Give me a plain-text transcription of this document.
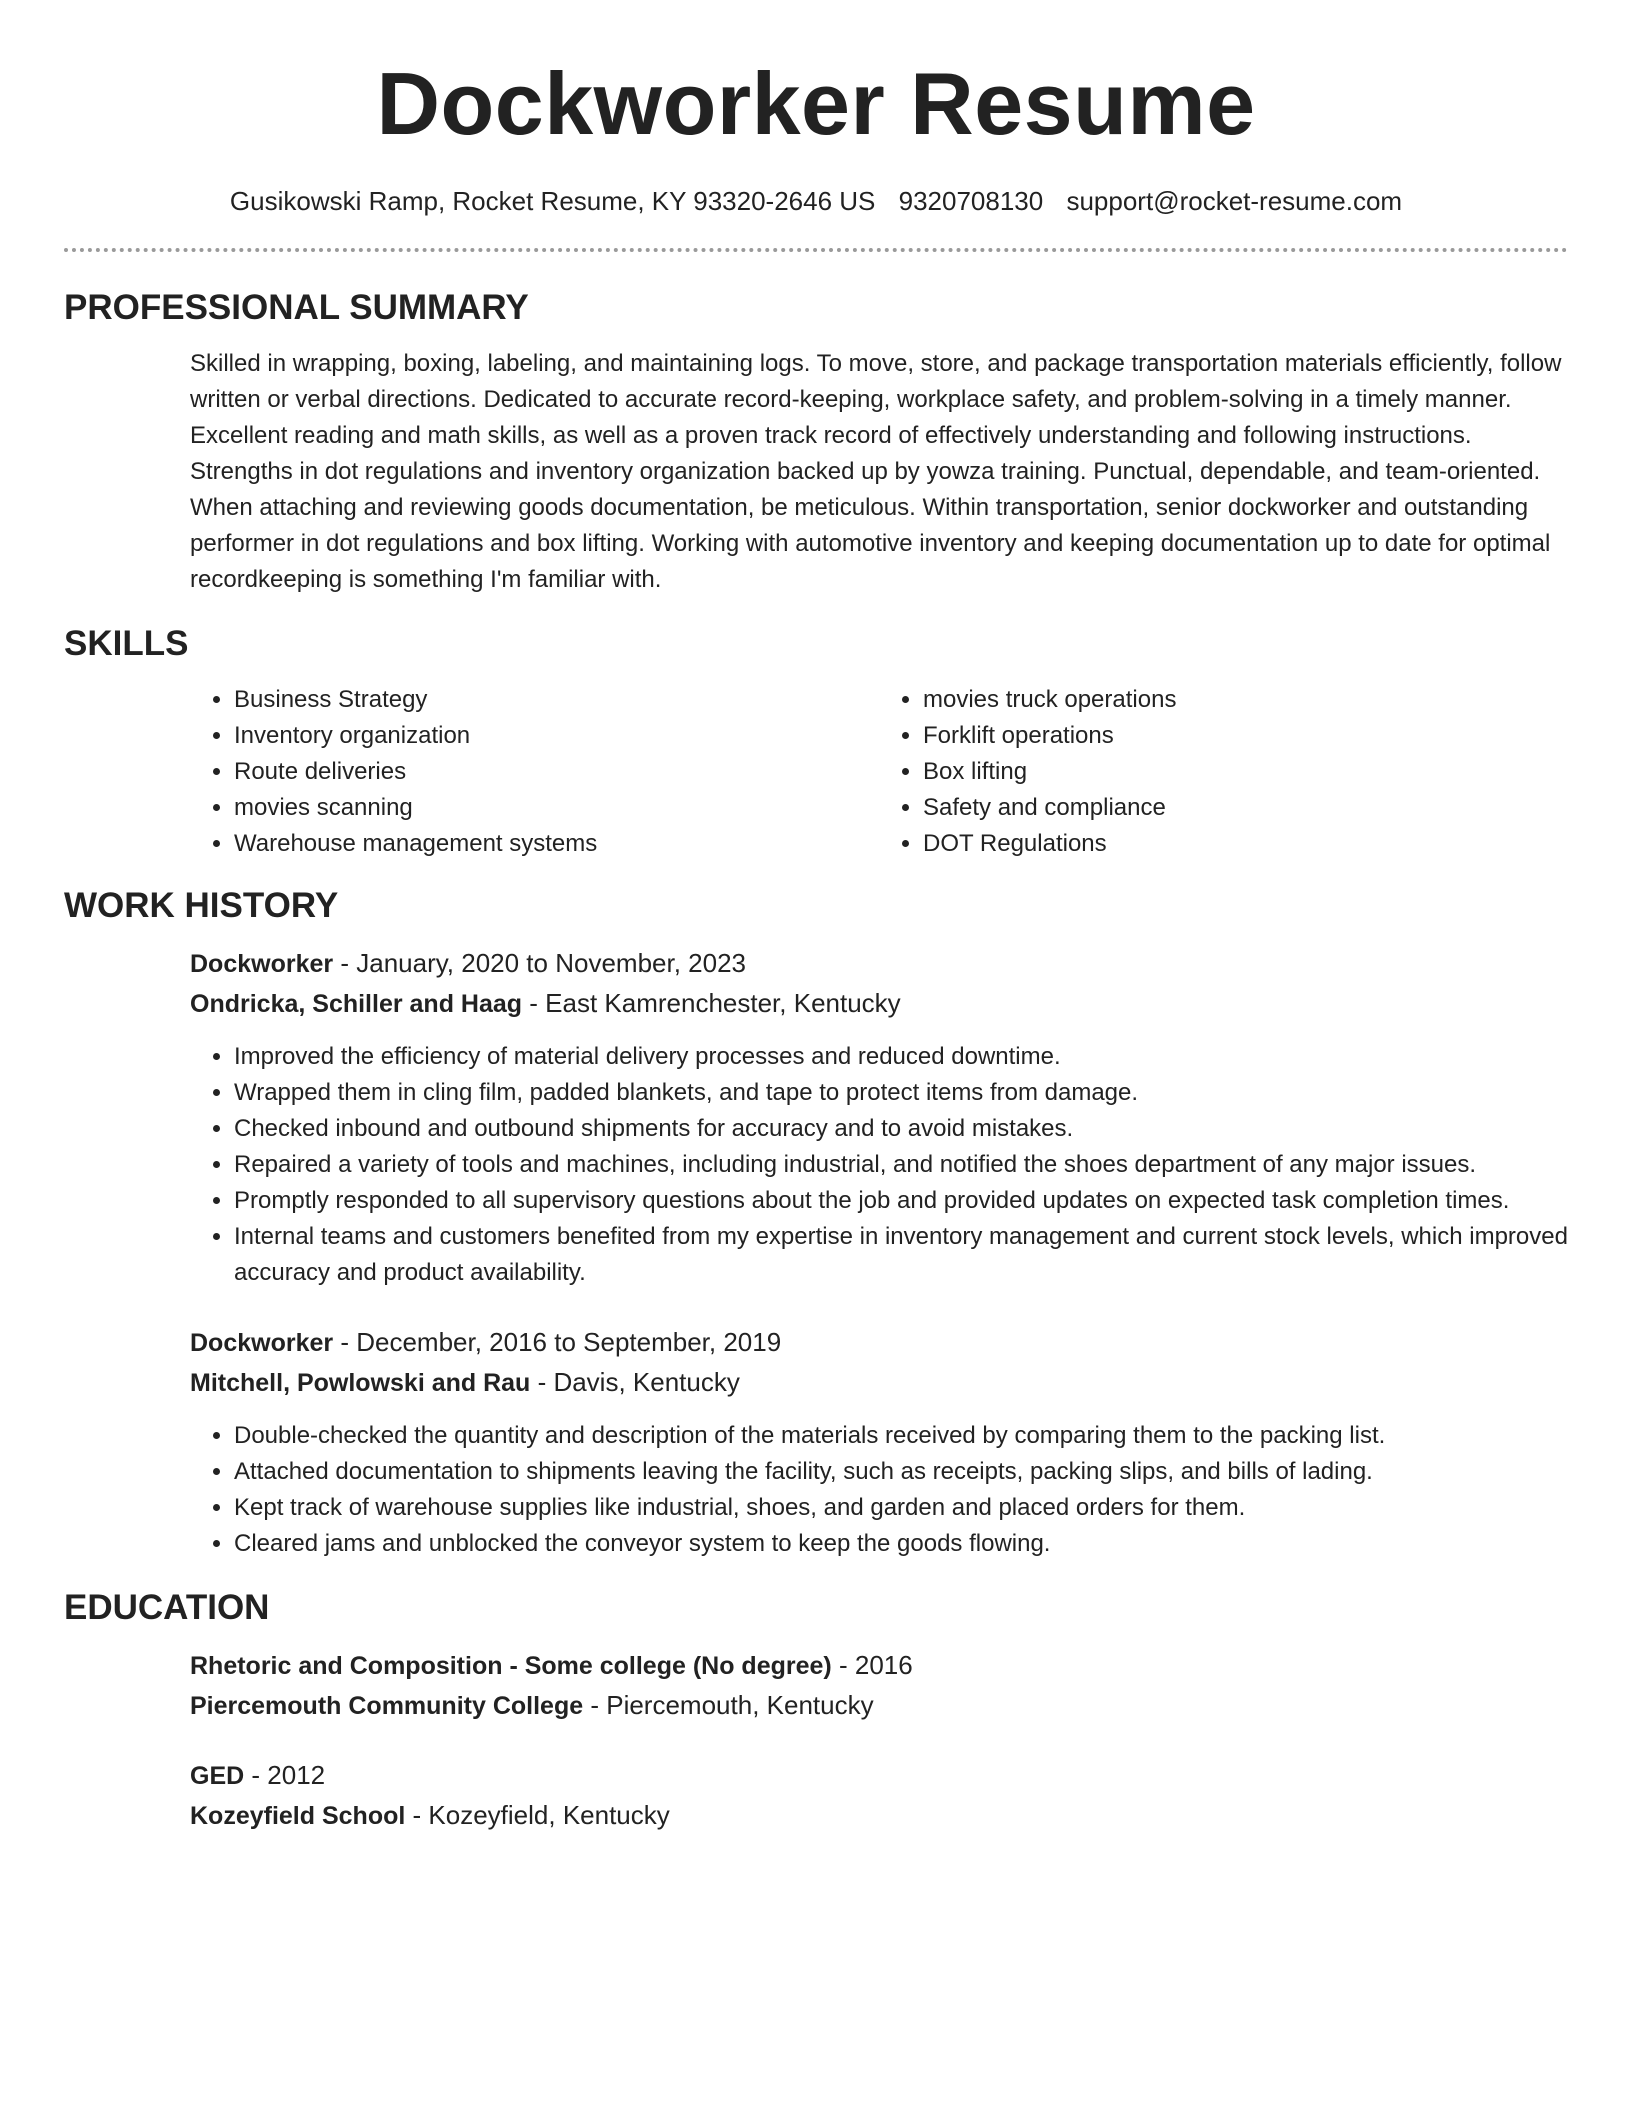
Dockworker Resume
Gusikowski Ramp, Rocket Resume, KY 93320-2646 US 9320708130 support@rocket-resume.com
PROFESSIONAL SUMMARY

Skilled in wrapping, boxing, labeling, and maintaining logs. To move, store, and package transportation materials efficiently, follow written or verbal directions. Dedicated to accurate record-keeping, workplace safety, and problem-solving in a timely manner. Excellent reading and math skills, as well as a proven track record of effectively understanding and following instructions. Strengths in dot regulations and inventory organization backed up by yowza training. Punctual, dependable, and team-oriented. When attaching and reviewing goods documentation, be meticulous. Within transportation, senior dockworker and outstanding performer in dot regulations and box lifting. Working with automotive inventory and keeping documentation up to date for optimal recordkeeping is something I'm familiar with.

SKILLS
• Business Strategy
• Inventory organization
• Route deliveries
• movies scanning
• Warehouse management systems
• movies truck operations
• Forklift operations
• Box lifting
• Safety and compliance
• DOT Regulations
WORK HISTORY
Dockworker - January, 2020 to November, 2023
Ondricka, Schiller and Haag - East Kamrenchester, Kentucky
• Improved the efficiency of material delivery processes and reduced downtime.
• Wrapped them in cling film, padded blankets, and tape to protect items from damage.
• Checked inbound and outbound shipments for accuracy and to avoid mistakes.
• Repaired a variety of tools and machines, including industrial, and notified the shoes department of any major issues.
• Promptly responded to all supervisory questions about the job and provided updates on expected task completion times.
• Internal teams and customers benefited from my expertise in inventory management and current stock levels, which improved accuracy and product availability.
Dockworker - December, 2016 to September, 2019
Mitchell, Powlowski and Rau - Davis, Kentucky
• Double-checked the quantity and description of the materials received by comparing them to the packing list.
• Attached documentation to shipments leaving the facility, such as receipts, packing slips, and bills of lading.
• Kept track of warehouse supplies like industrial, shoes, and garden and placed orders for them.
• Cleared jams and unblocked the conveyor system to keep the goods flowing.
EDUCATION
Rhetoric and Composition - Some college (No degree) - 2016
Piercemouth Community College - Piercemouth, Kentucky
GED - 2012
Kozeyfield School - Kozeyfield, Kentucky
